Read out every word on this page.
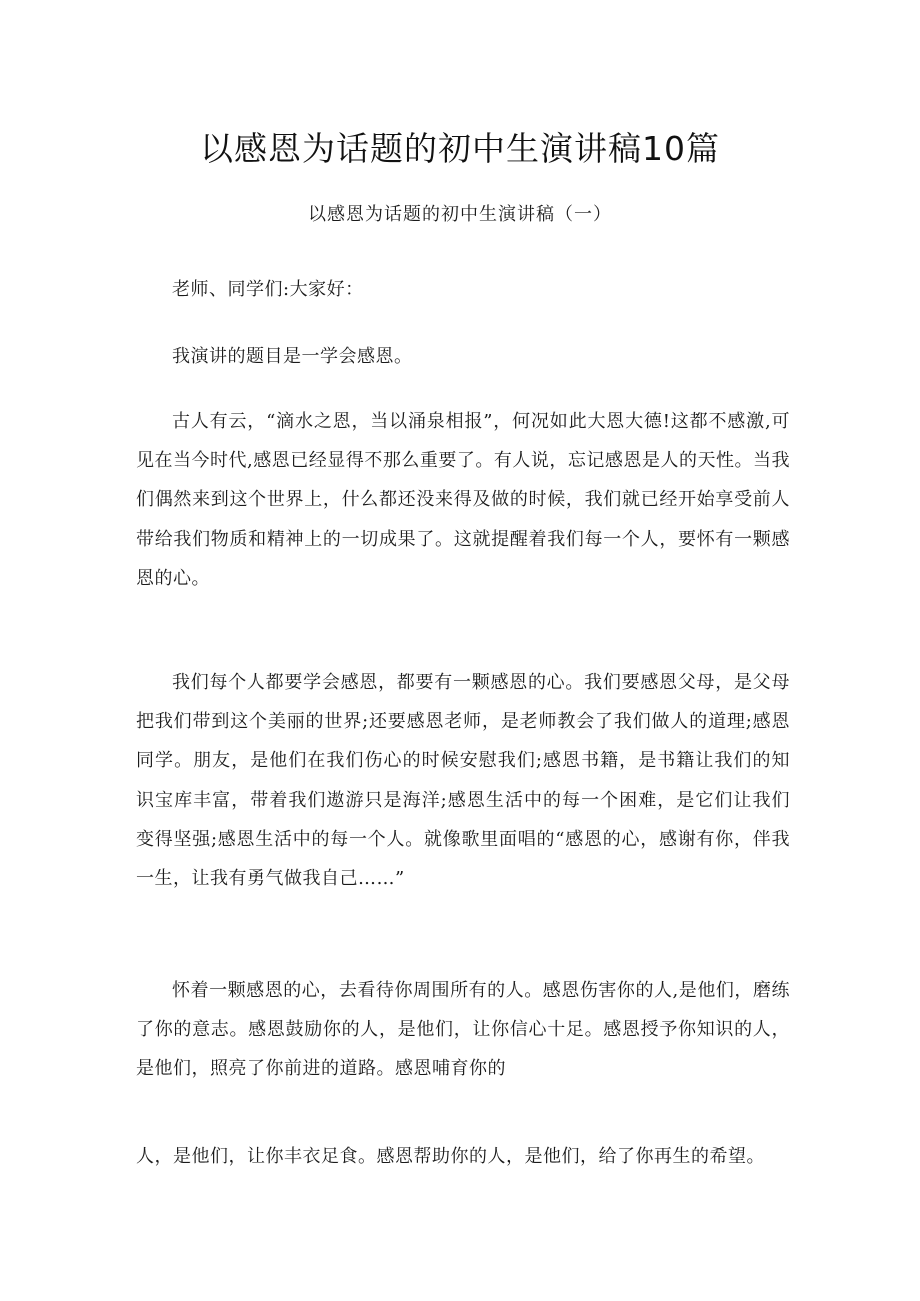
以感恩为话题的初中生演讲稿10篇
以感恩为话题的初中生演讲稿（一）

老师、同学们:大家好：

我演讲的题目是一学会感恩。

古人有云，“滴水之恩，当以涌泉相报”，何况如此大恩大德!这都不感激,可见在当今时代,感恩已经显得不那么重要了。有人说，忘记感恩是人的天性。当我们偶然来到这个世界上，什么都还没来得及做的时候，我们就已经开始享受前人带给我们物质和精神上的一切成果了。这就提醒着我们每一个人，要怀有一颗感恩的心。

我们每个人都要学会感恩，都要有一颗感恩的心。我们要感恩父母，是父母把我们带到这个美丽的世界;还要感恩老师，是老师教会了我们做人的道理;感恩同学。朋友，是他们在我们伤心的时候安慰我们;感恩书籍，是书籍让我们的知识宝库丰富，带着我们遨游只是海洋;感恩生活中的每一个困难，是它们让我们变得坚强;感恩生活中的每一个人。就像歌里面唱的“感恩的心，感谢有你，伴我一生，让我有勇气做我自己……”

怀着一颗感恩的心，去看待你周围所有的人。感恩伤害你的人,是他们，磨练了你的意志。感恩鼓励你的人，是他们，让你信心十足。感恩授予你知识的人，是他们，照亮了你前进的道路。感恩哺育你的

人，是他们，让你丰衣足食。感恩帮助你的人，是他们，给了你再生的希望。
